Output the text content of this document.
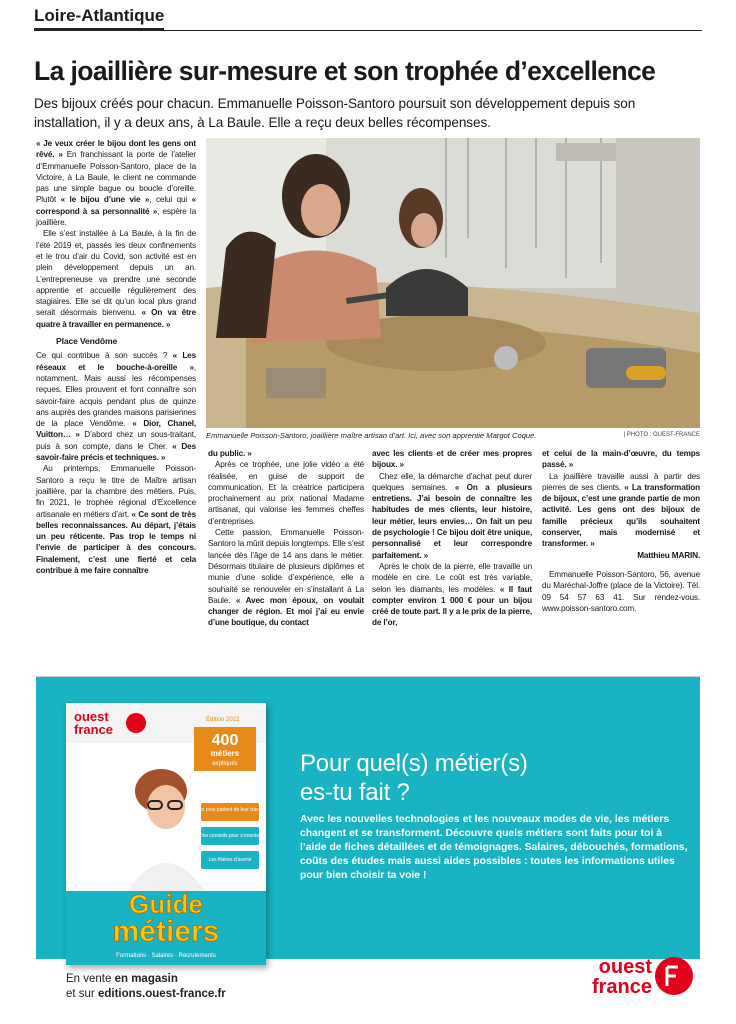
Loire-Atlantique
La joaillière sur-mesure et son trophée d’excellence

Des bijoux créés pour chacun. Emmanuelle Poisson-Santoro poursuit son développement depuis son installation, il y a deux ans, à La Baule. Elle a reçu deux belles récompenses.

« Je veux créer le bijou dont les gens ont rêvé. » En franchissant la porte de l’atelier d’Emmanuelle Poisson-Santoro, place de la Victoire, à La Baule, le client ne commande pas une simple bague ou boucle d’oreille. Plutôt « le bijou d’une vie », celui qui « correspond à sa personnalité », espère la joaillière.

Elle s’est installée à La Baule, à la fin de l’été 2019 et, passés les deux confinements et le trou d’air du Covid, son activité est en plein développement depuis un an. L’entrepreneuse va prendre une seconde apprentie et accueille régulièrement des stagiaires. Elle se dit qu’un local plus grand serait désormais bienvenu. « On va être quatre à travailler en permanence. »

Place Vendôme

Ce qui contribue à son succès ? « Les réseaux et le bouche-à-oreille », notamment. Mais aussi les récompenses reçues. Elles prouvent et font connaître son savoir-faire acquis pendant plus de quinze ans auprès des grandes maisons parisiennes de la place Vendôme. « Dior, Chanel, Vuitton… » D’abord chez un sous-traitant, puis à son compte, dans le Cher. « Des savoir-faire précis et techniques. »

Au printemps, Emmanuelle Poisson-Santoro a reçu le titre de Maître artisan joaillière, par la chambre des métiers. Puis, fin 2021, le trophée régional d’Excellence artisanale en métiers d’art. « Ce sont de très belles reconnaissances. Au départ, j’étais un peu réticente. Pas trop le temps ni l’envie de participer à des concours. Finalement, c’est une fierté et cela contribue à me faire connaître

Emmanuelle Poisson-Santoro, joaillière maître artisan d’art. Ici, avec son apprentie Margot Coque.	| PHOTO : OUEST-FRANCE

du public. »

Après ce trophée, une jolie vidéo a été réalisée, en guise de support de communication. Et la créatrice participera prochainement au prix national Madame artisanat, qui valorise les femmes cheffes d’entreprises.

Cette passion, Emmanuelle Poisson-Santoro la mûrit depuis longtemps. Elle s’est lancée dès l’âge de 14 ans dans le métier. Désormais titulaire de plusieurs diplômes et munie d’une solide d’expérience, elle a souhaité se renouveler en s’installant à La Baule. « Avec mon époux, on voulait changer de région. Et moi j’ai eu envie d’une boutique, du contact

avec les clients et de créer mes propres bijoux. »

Chez elle, la démarche d’achat peut durer quelques semaines. « On a plusieurs entretiens. J’ai besoin de connaître les habitudes de mes clients, leur histoire, leur métier, leurs envies… On fait un peu de psychologie ! Ce bijou doit être unique, personnalisé et leur correspondre parfaitement. »

Après le choix de la pierre, elle travaille un modèle en cire. Le coût est très variable, selon les diamants, les modèles. « Il faut compter environ 1 000 € pour un bijou créé de toute part. Il y a le prix de la pierre, de l’or,

et celui de la main-d’œuvre, du temps passé. »

La joaillière travaille aussi à partir des pierres de ses clients. « La transformation de bijoux, c’est une grande partie de mon activité. Les gens ont des bijoux de famille précieux qu’ils souhaitent conserver, mais modernisé et transformer. »

Matthieu MARIN.

Emmanuelle Poisson-Santoro, 56, avenue du Maréchal-Joffre (place de la Victoire). Tél. 09 54 57 63 41. Sur rendez-vous. www.poisson-santoro.com.

ouest
france
Édition 2022
400
métiers
expliqués
Les pros parlent de leur travail
Des conseils pour s’orienter
Les filières d’avenir
Guide
métiers
Formations · Salaires · Recrutements
Pour quel(s) métier(s)
es-tu fait ?

Avec les nouvelles technologies et les nouveaux modes de vie, les métiers changent et se transforment. Découvre quels métiers sont faits pour toi à l’aide de fiches détaillées et de témoignages. Salaires, débouchés, formations, coûts des études mais aussi aides possibles : toutes les informations utiles pour bien choisir ta voie !

En vente en magasin
et sur editions.ouest-france.fr
ouest
france
